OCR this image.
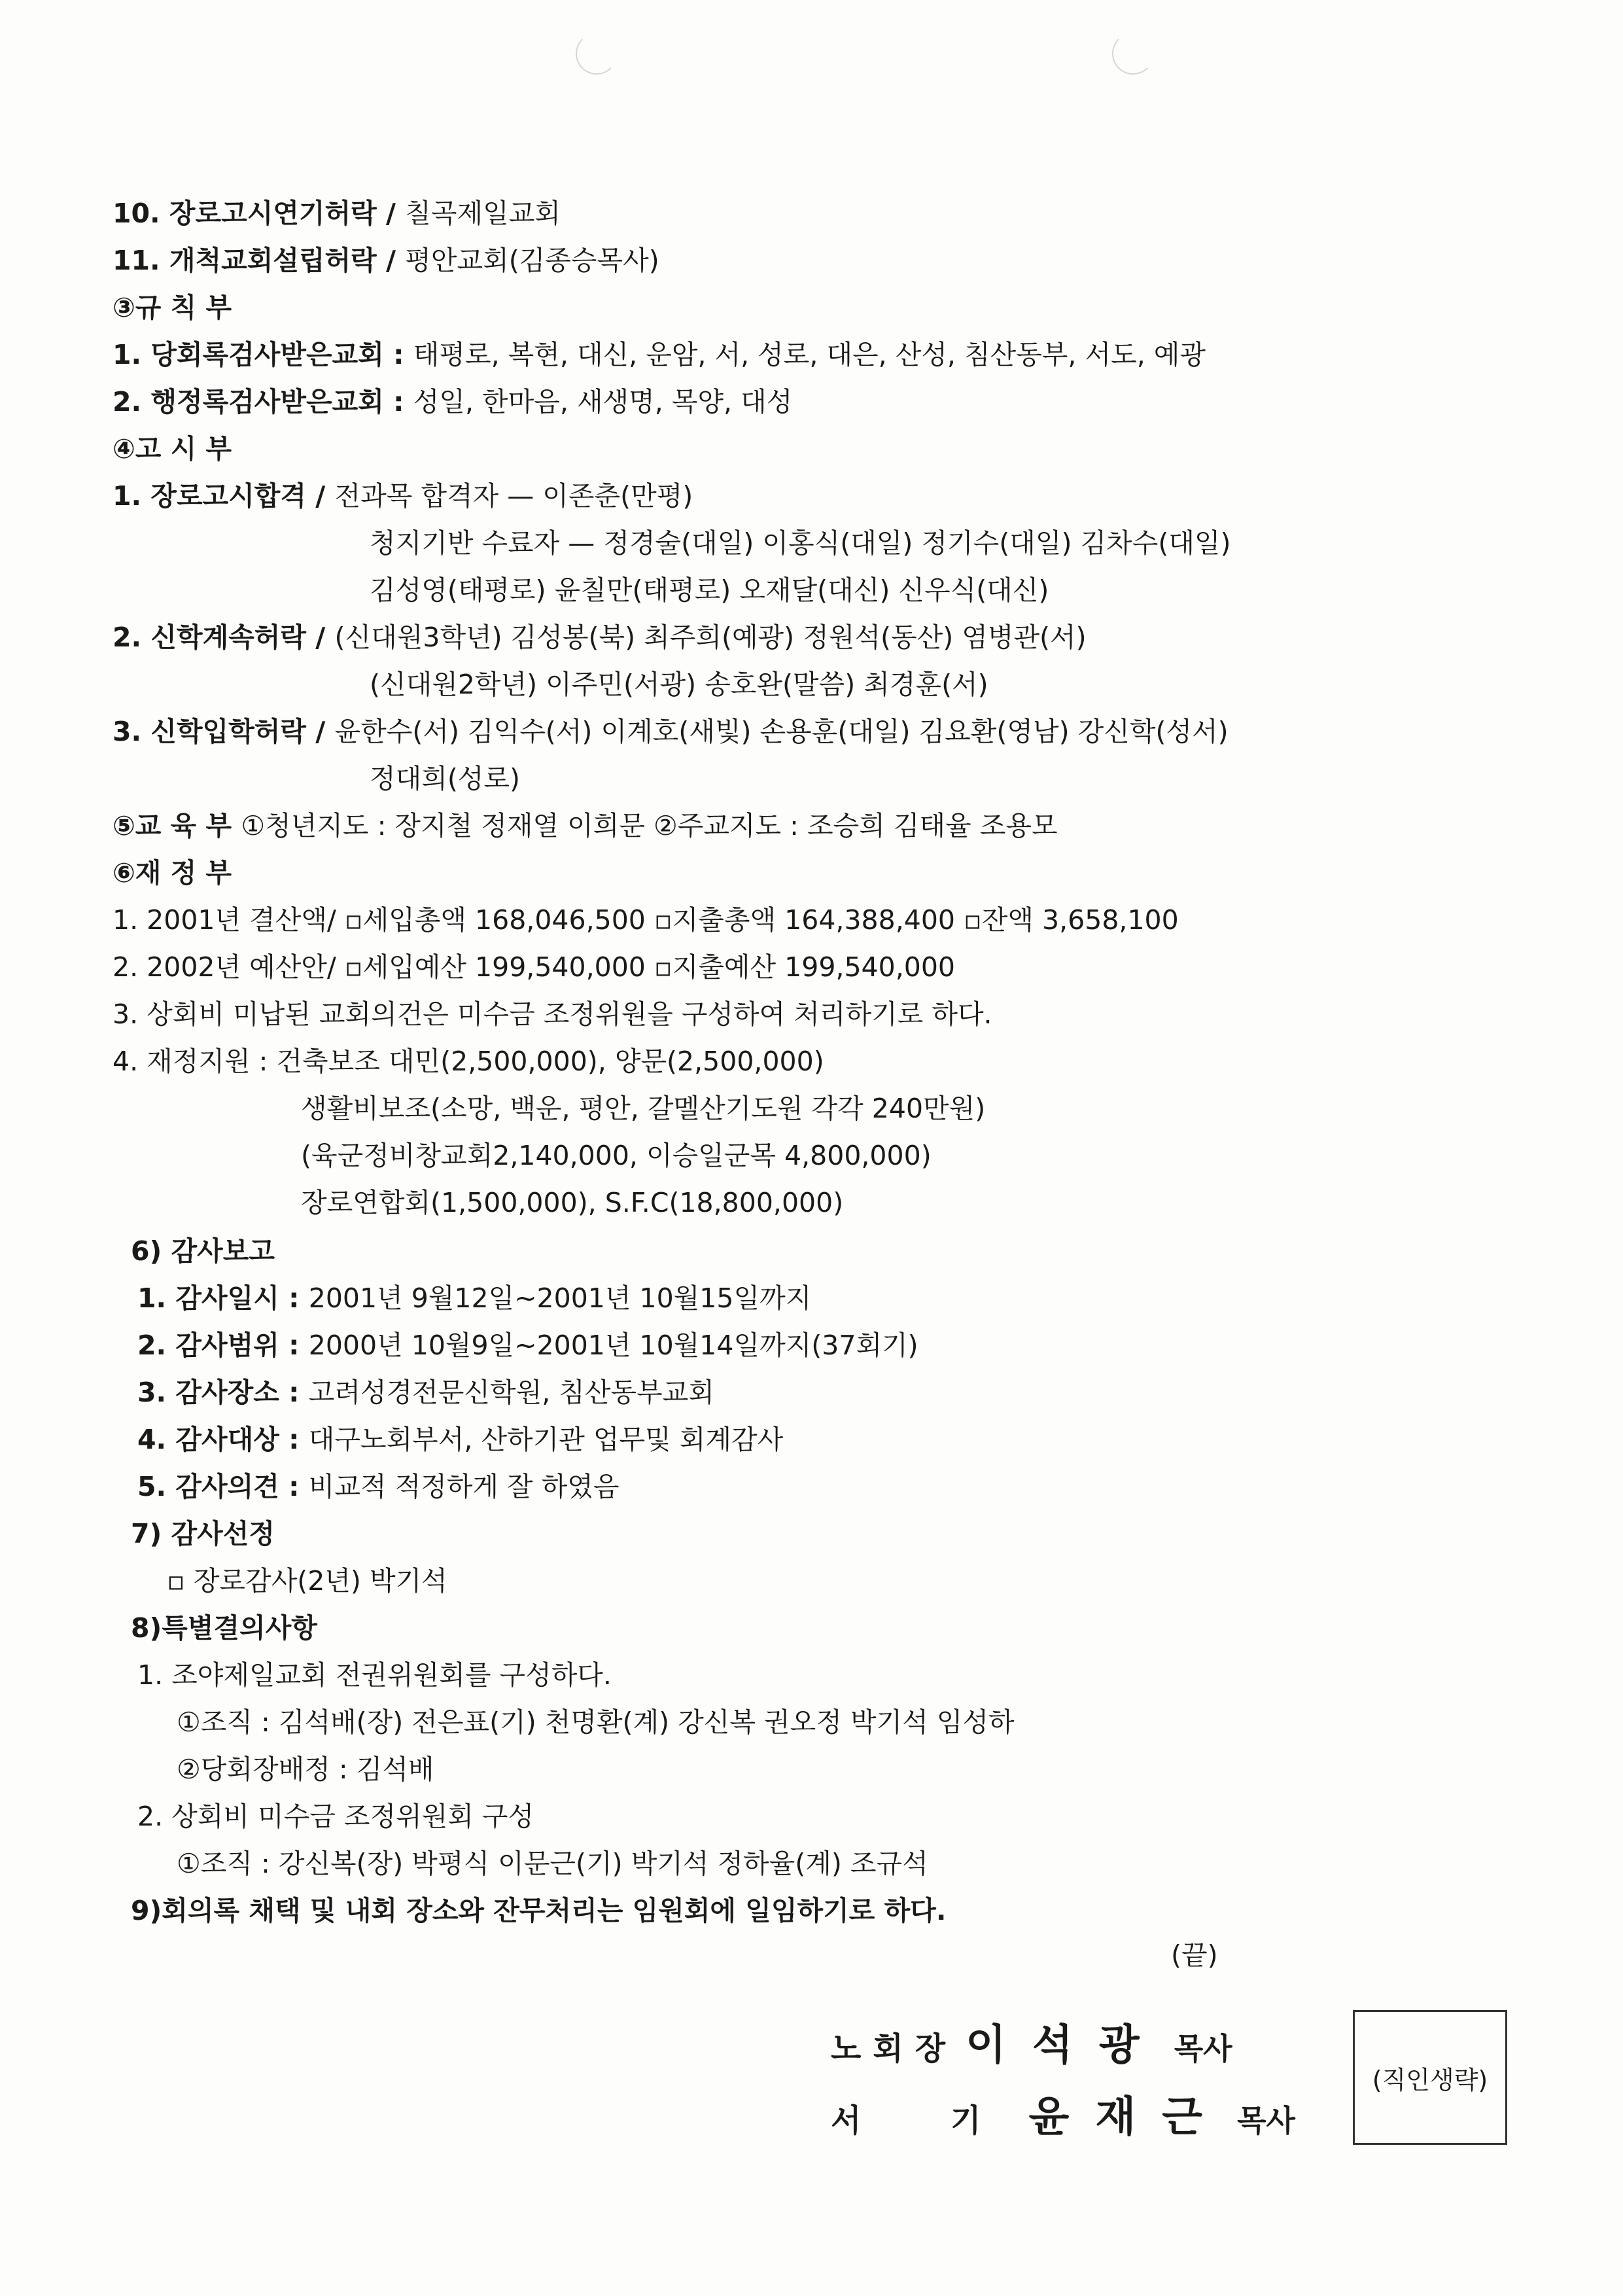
10. 장로고시연기허락 / 칠곡제일교회
11. 개척교회설립허락 / 평안교회(김종승목사)
③규 칙 부
1. 당회록검사받은교회 : 태평로, 복현, 대신, 운암, 서, 성로, 대은, 산성, 침산동부, 서도, 예광
2. 행정록검사받은교회 : 성일, 한마음, 새생명, 목양, 대성
④고 시 부
1. 장로고시합격 / 전과목 합격자 — 이존춘(만평)
청지기반 수료자 — 정경술(대일) 이홍식(대일) 정기수(대일) 김차수(대일)
김성영(태평로) 윤칠만(태평로) 오재달(대신) 신우식(대신)
2. 신학계속허락 / (신대원3학년) 김성봉(북) 최주희(예광) 정원석(동산) 염병관(서)
(신대원2학년) 이주민(서광) 송호완(말씀) 최경훈(서)
3. 신학입학허락 / 윤한수(서) 김익수(서) 이계호(새빛) 손용훈(대일) 김요환(영남) 강신학(성서)
정대희(성로)
⑤교 육 부 ①청년지도 : 장지철 정재열 이희문 ②주교지도 : 조승희 김태율 조용모
⑥재 정 부
1. 2001년 결산액/ ▫세입총액 168,046,500 ▫지출총액 164,388,400 ▫잔액 3,658,100
2. 2002년 예산안/ ▫세입예산 199,540,000 ▫지출예산 199,540,000
3. 상회비 미납된 교회의건은 미수금 조정위원을 구성하여 처리하기로 하다.
4. 재정지원 : 건축보조 대민(2,500,000), 양문(2,500,000)
생활비보조(소망, 백운, 평안, 갈멜산기도원 각각 240만원)
(육군정비창교회2,140,000, 이승일군목 4,800,000)
장로연합회(1,500,000), S.F.C(18,800,000)
6) 감사보고
1. 감사일시 : 2001년 9월12일~2001년 10월15일까지
2. 감사범위 : 2000년 10월9일~2001년 10월14일까지(37회기)
3. 감사장소 : 고려성경전문신학원, 침산동부교회
4. 감사대상 : 대구노회부서, 산하기관 업무및 회계감사
5. 감사의견 : 비교적 적정하게 잘 하였음
7) 감사선정
▫ 장로감사(2년) 박기석
8)특별결의사항
1. 조야제일교회 전권위원회를 구성하다.
①조직 : 김석배(장) 전은표(기) 천명환(계) 강신복 권오정 박기석 임성하
②당회장배정 : 김석배
2. 상회비 미수금 조정위원회 구성
①조직 : 강신복(장) 박평식 이문근(기) 박기석 정하율(계) 조규석
9)회의록 채택 및 내회 장소와 잔무처리는 임원회에 일임하기로 하다.
(끝)
노회장 이석광 목사
서 기 윤재근 목사
(직인생략)
